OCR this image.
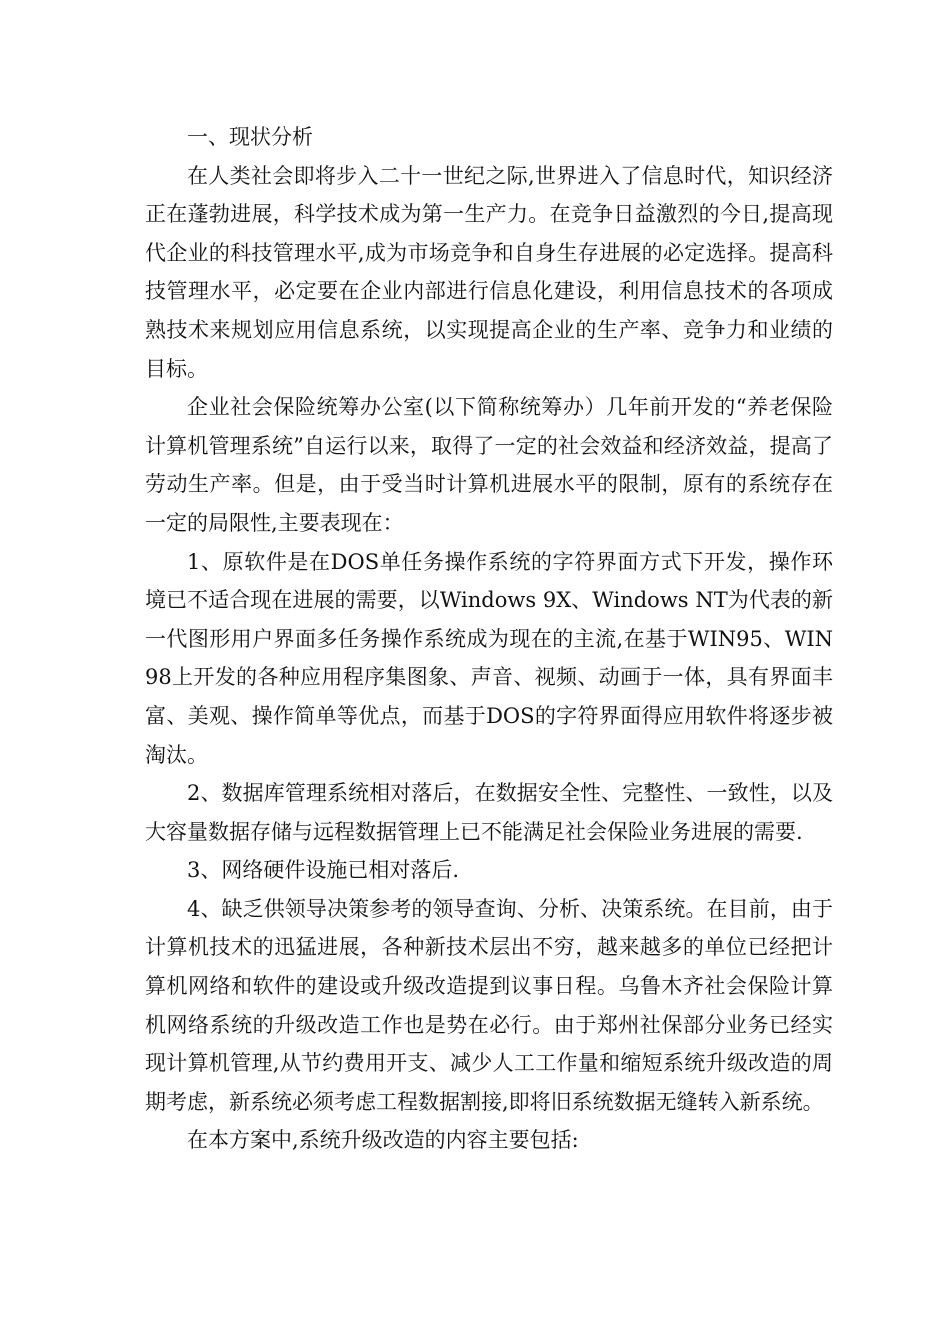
一、现状分析

在人类社会即将步入二十一世纪之际,世界进入了信息时代，知识经济正在蓬勃进展，科学技术成为第一生产力。在竞争日益激烈的今日,提高现代企业的科技管理水平,成为市场竞争和自身生存进展的必定选择。提高科技管理水平，必定要在企业内部进行信息化建设，利用信息技术的各项成熟技术来规划应用信息系统，以实现提高企业的生产率、竞争力和业绩的目标。

企业社会保险统筹办公室(以下简称统筹办）几年前开发的“养老保险计算机管理系统”自运行以来，取得了一定的社会效益和经济效益，提高了劳动生产率。但是，由于受当时计算机进展水平的限制，原有的系统存在一定的局限性,主要表现在：

1、原软件是在DOS单任务操作系统的字符界面方式下开发，操作环境已不适合现在进展的需要，以Windows 9X、Windows NT为代表的新一代图形用户界面多任务操作系统成为现在的主流,在基于WIN95、WIN98上开发的各种应用程序集图象、声音、视频、动画于一体，具有界面丰富、美观、操作简单等优点，而基于DOS的字符界面得应用软件将逐步被淘汰。

2、数据库管理系统相对落后，在数据安全性、完整性、一致性，以及大容量数据存储与远程数据管理上已不能满足社会保险业务进展的需要.

3、网络硬件设施已相对落后.

4、缺乏供领导决策参考的领导查询、分析、决策系统。在目前，由于计算机技术的迅猛进展，各种新技术层出不穷，越来越多的单位已经把计算机网络和软件的建设或升级改造提到议事日程。乌鲁木齐社会保险计算机网络系统的升级改造工作也是势在必行。由于郑州社保部分业务已经实现计算机管理,从节约费用开支、减少人工工作量和缩短系统升级改造的周期考虑，新系统必须考虑工程数据割接,即将旧系统数据无缝转入新系统。

在本方案中,系统升级改造的内容主要包括:
